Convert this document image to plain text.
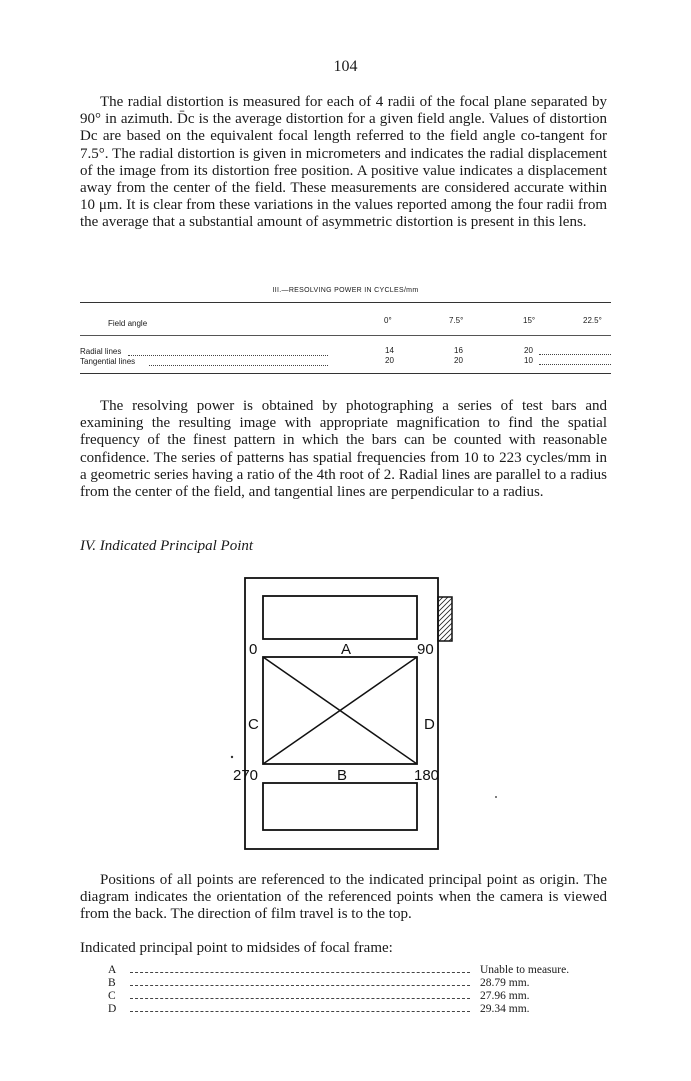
104

The radial distortion is measured for each of 4 radii of the focal plane separated by 90° in azimuth. D̄c is the average distortion for a given field angle. Values of distortion Dc are based on the equivalent focal length referred to the field angle co-tangent for 7.5°. The radial distortion is given in micrometers and indicates the radial displacement of the image from its distortion free position. A positive value indicates a displacement away from the center of the field. These measurements are considered accurate within 10 μm. It is clear from these variations in the values reported among the four radii from the average that a substantial amount of asymmetric distortion is present in this lens.

III.—RESOLVING POWER IN CYCLES/mm
Field angle	0°	7.5°	15°	22.5°
Radial lines	14	16	20
Tangential lines	20	20	10

The resolving power is obtained by photographing a series of test bars and examining the resulting image with appropriate magnification to find the spatial frequency of the finest pattern in which the bars can be counted with reasonable confidence. The series of patterns has spatial frequencies from 10 to 223 cycles/mm in a geometric series having a ratio of the 4th root of 2. Radial lines are parallel to a radius from the center of the field, and tangential lines are perpendicular to a radius.

IV. Indicated Principal Point
0	90
270	180
A
B
C	D

Positions of all points are referenced to the indicated principal point as origin. The diagram indicates the orientation of the referenced points when the camera is viewed from the back. The direction of film travel is to the top.

Indicated principal point to midsides of focal frame:

A	Unable to measure.
B	28.79 mm.
C	27.96 mm.
D	29.34 mm.
